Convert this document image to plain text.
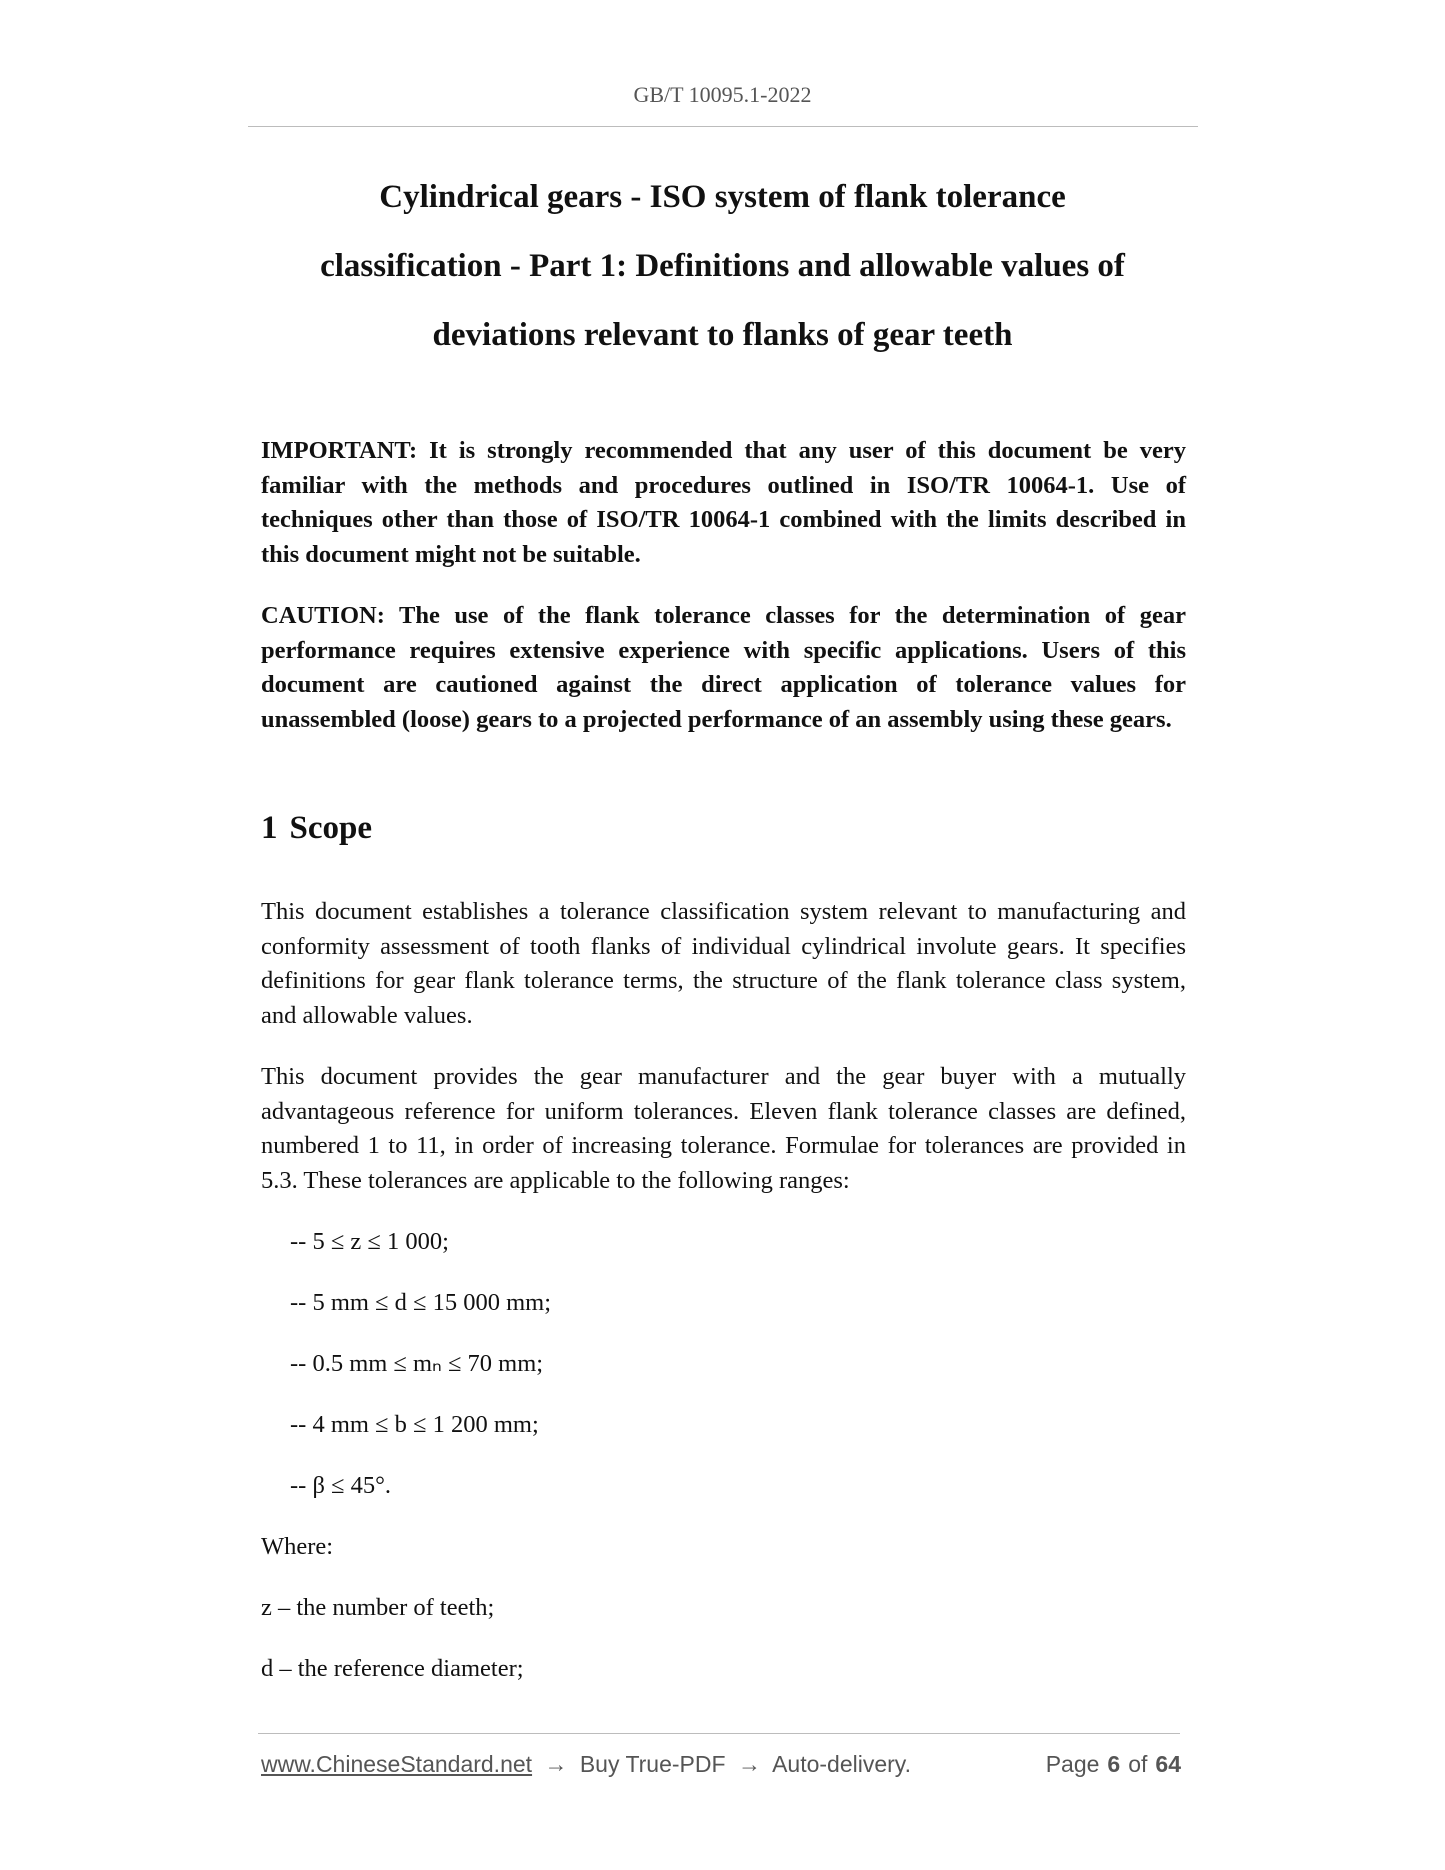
GB/T 10095.1-2022
Cylindrical gears - ISO system of flank tolerance
classification - Part 1: Definitions and allowable values of
deviations relevant to flanks of gear teeth

IMPORTANT: It is strongly recommended that any user of this document be very familiar with the methods and procedures outlined in ISO/TR 10064-1. Use of techniques other than those of ISO/TR 10064-1 combined with the limits described in this document might not be suitable.

CAUTION: The use of the flank tolerance classes for the determination of gear performance requires extensive experience with specific applications. Users of this document are cautioned against the direct application of tolerance values for unassembled (loose) gears to a projected performance of an assembly using these gears.

1 Scope

This document establishes a tolerance classification system relevant to manufacturing and conformity assessment of tooth flanks of individual cylindrical involute gears. It specifies definitions for gear flank tolerance terms, the structure of the flank tolerance class system, and allowable values.

This document provides the gear manufacturer and the gear buyer with a mutually advantageous reference for uniform tolerances. Eleven flank tolerance classes are defined, numbered 1 to 11, in order of increasing tolerance. Formulae for tolerances are provided in 5.3. These tolerances are applicable to the following ranges:

-- 5 ≤ z ≤ 1 000;

-- 5 mm ≤ d ≤ 15 000 mm;

-- 0.5 mm ≤ mₙ ≤ 70 mm;

-- 4 mm ≤ b ≤ 1 200 mm;

-- β ≤ 45°.

Where:

z – the number of teeth;

d – the reference diameter;

www.ChineseStandard.net → Buy True-PDF → Auto-delivery.	Page 6 of 64
